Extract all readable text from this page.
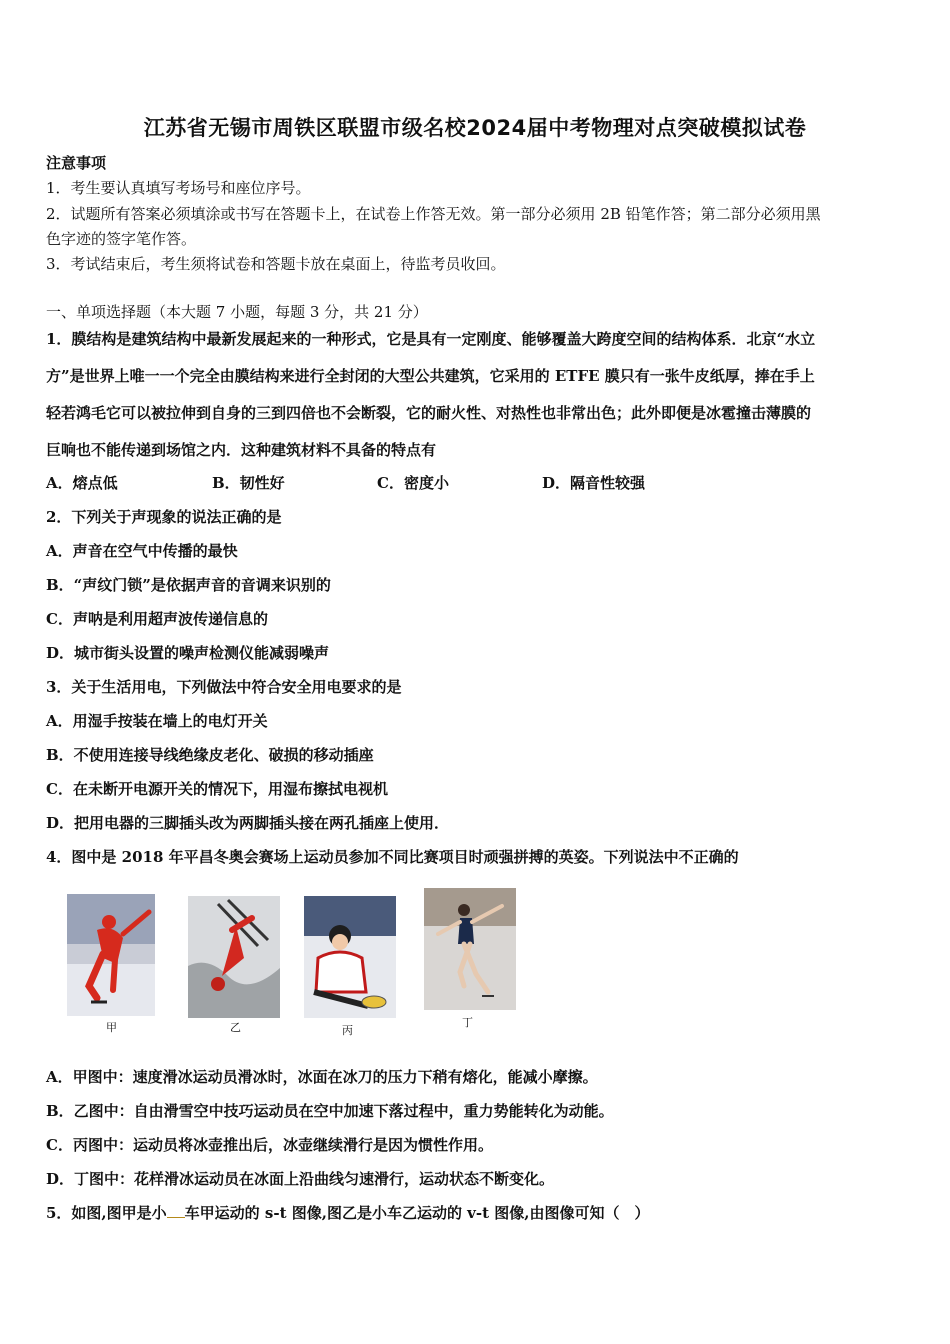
江苏省无锡市周铁区联盟市级名校2024届中考物理对点突破模拟试卷
注意事项
1．考生要认真填写考场号和座位序号。
2．试题所有答案必须填涂或书写在答题卡上，在试卷上作答无效。第一部分必须用 2B 铅笔作答；第二部分必须用黑
色字迹的签字笔作答。
3．考试结束后，考生须将试卷和答题卡放在桌面上，待监考员收回。
一、单项选择题（本大题 7 小题，每题 3 分，共 21 分）
1．膜结构是建筑结构中最新发展起来的一种形式，它是具有一定刚度、能够覆盖大跨度空间的结构体系．北京“水立
方”是世界上唯一一个完全由膜结构来进行全封闭的大型公共建筑，它采用的 ETFE 膜只有一张牛皮纸厚，捧在手上
轻若鸿毛它可以被拉伸到自身的三到四倍也不会断裂，它的耐火性、对热性也非常出色；此外即便是冰雹撞击薄膜的
巨响也不能传递到场馆之内．这种建筑材料不具备的特点有
A．熔点低	B．韧性好	C．密度小	D．隔音性较强
2．下列关于声现象的说法正确的是
A．声音在空气中传播的最快
B．“声纹门锁”是依据声音的音调来识别的
C．声呐是利用超声波传递信息的
D．城市街头设置的噪声检测仪能减弱噪声
3．关于生活用电，下列做法中符合安全用电要求的是
A．用湿手按装在墙上的电灯开关
B．不使用连接导线绝缘皮老化、破损的移动插座
C．在未断开电源开关的情况下，用湿布擦拭电视机
D．把用电器的三脚插头改为两脚插头接在两孔插座上使用．
4．图中是 2018 年平昌冬奥会赛场上运动员参加不同比赛项目时顽强拼搏的英姿。下列说法中不正确的
甲	乙	丙
丁
A．甲图中：速度滑冰运动员滑冰时，冰面在冰刀的压力下稍有熔化，能减小摩擦。
B．乙图中：自由滑雪空中技巧运动员在空中加速下落过程中，重力势能转化为动能。
C．丙图中：运动员将冰壶推出后，冰壶继续滑行是因为惯性作用。
D．丁图中：花样滑冰运动员在冰面上沿曲线匀速滑行，运动状态不断变化。
5．如图,图甲是小 车甲运动的 s-t 图像,图乙是小车乙运动的 v-t 图像,由图像可知（　）
